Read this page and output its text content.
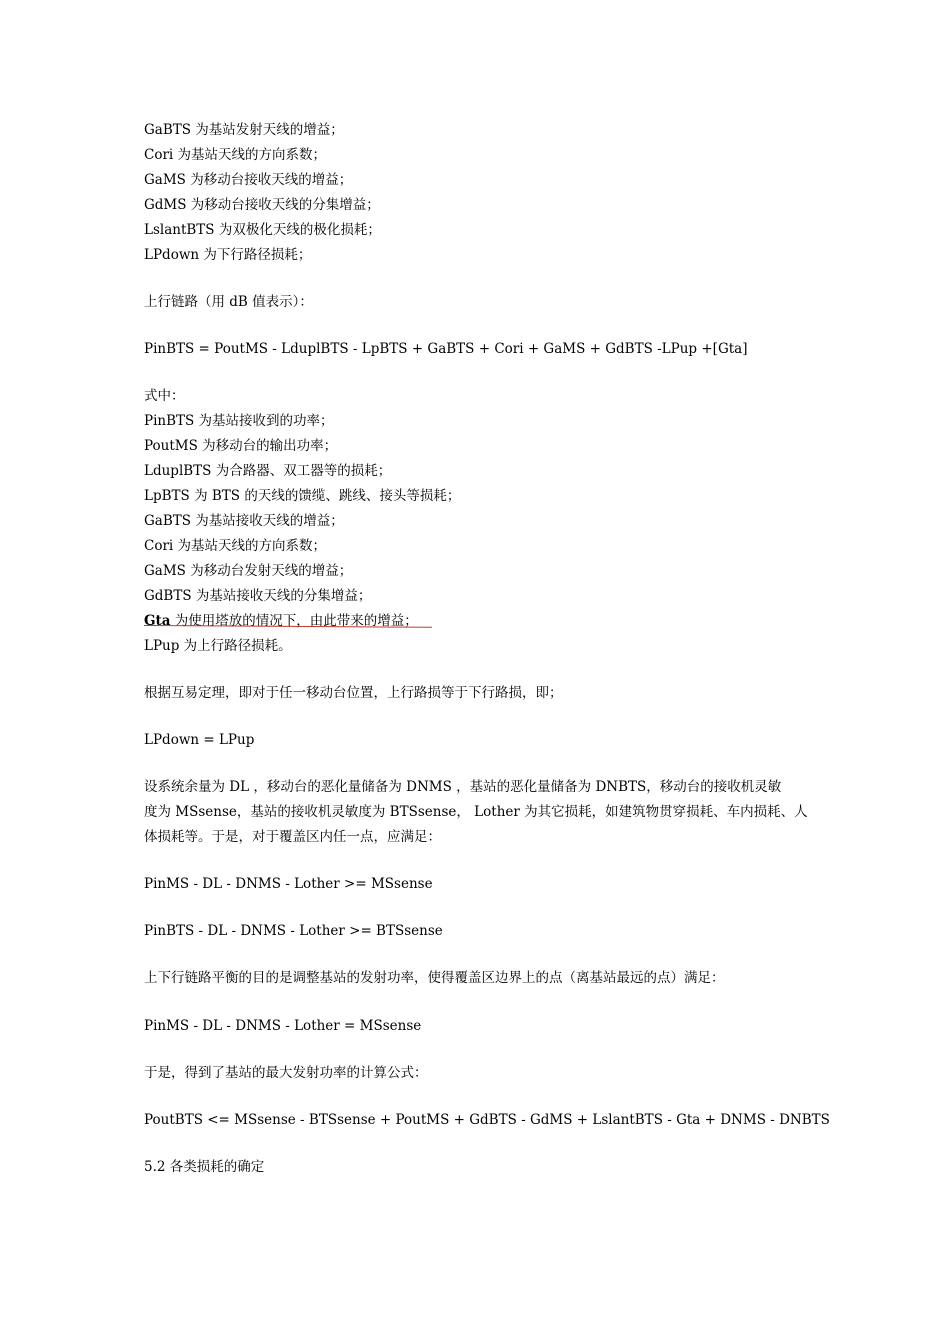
GaBTS 为基站发射天线的增益；
Cori 为基站天线的方向系数；
GaMS 为移动台接收天线的增益；
GdMS 为移动台接收天线的分集增益；
LslantBTS 为双极化天线的极化损耗；
LPdown 为下行路径损耗；
上行链路（用 dB 值表示）：
PinBTS = PoutMS - LduplBTS - LpBTS + GaBTS + Cori + GaMS + GdBTS -LPup +[Gta]
式中：
PinBTS 为基站接收到的功率；
PoutMS 为移动台的输出功率；
LduplBTS 为合路器、双工器等的损耗；
LpBTS 为 BTS 的天线的馈缆、跳线、接头等损耗；
GaBTS 为基站接收天线的增益；
Cori 为基站天线的方向系数；
GaMS 为移动台发射天线的增益；
GdBTS 为基站接收天线的分集增益；
Gta 为使用塔放的情况下，由此带来的增益；
LPup 为上行路径损耗。
根据互易定理，即对于任一移动台位置，上行路损等于下行路损，即；
LPdown = LPup
设系统余量为 DL ，移动台的恶化量储备为 DNMS ，基站的恶化量储备为 DNBTS，移动台的接收机灵敏
度为 MSsense，基站的接收机灵敏度为 BTSsense， Lother 为其它损耗，如建筑物贯穿损耗、车内损耗、人
体损耗等。于是，对于覆盖区内任一点，应满足：
PinMS - DL - DNMS - Lother >= MSsense
PinBTS - DL - DNMS - Lother >= BTSsense
上下行链路平衡的目的是调整基站的发射功率，使得覆盖区边界上的点（离基站最远的点）满足：
PinMS - DL - DNMS - Lother = MSsense
于是，得到了基站的最大发射功率的计算公式：
PoutBTS <= MSsense - BTSsense + PoutMS + GdBTS - GdMS + LslantBTS - Gta + DNMS - DNBTS
5.2 各类损耗的确定
